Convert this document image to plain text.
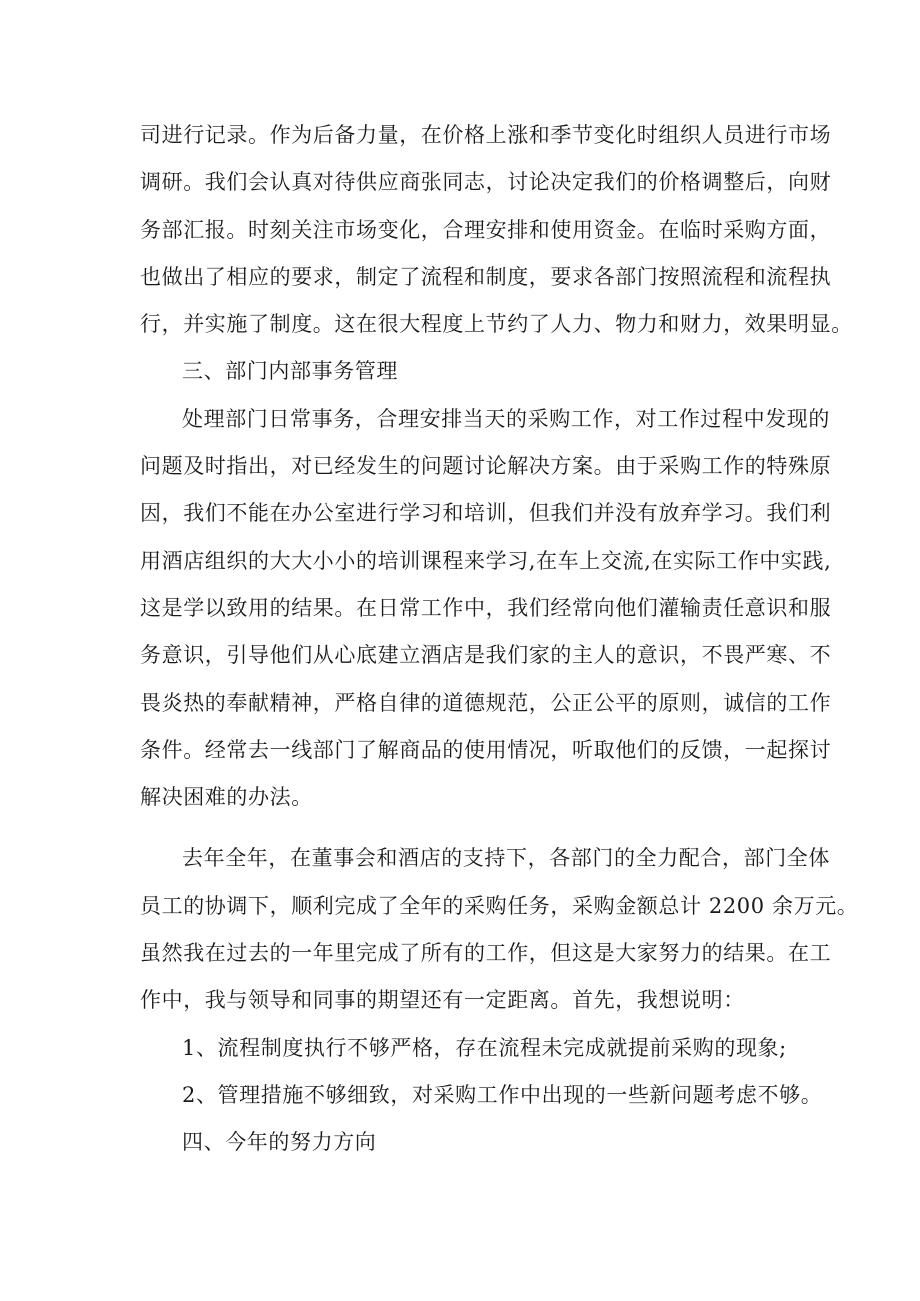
司进行记录。作为后备力量，在价格上涨和季节变化时组织人员进行市场
调研。我们会认真对待供应商张同志，讨论决定我们的价格调整后，向财
务部汇报。时刻关注市场变化，合理安排和使用资金。在临时采购方面，
也做出了相应的要求，制定了流程和制度，要求各部门按照流程和流程执
行，并实施了制度。这在很大程度上节约了人力、物力和财力，效果明显。
三、部门内部事务管理
处理部门日常事务，合理安排当天的采购工作，对工作过程中发现的
问题及时指出，对已经发生的问题讨论解决方案。由于采购工作的特殊原
因，我们不能在办公室进行学习和培训，但我们并没有放弃学习。我们利
用酒店组织的大大小小的培训课程来学习,在车上交流,在实际工作中实践,
这是学以致用的结果。在日常工作中，我们经常向他们灌输责任意识和服
务意识，引导他们从心底建立酒店是我们家的主人的意识，不畏严寒、不
畏炎热的奉献精神，严格自律的道德规范，公正公平的原则，诚信的工作
条件。经常去一线部门了解商品的使用情况，听取他们的反馈，一起探讨
解决困难的办法。
去年全年，在董事会和酒店的支持下，各部门的全力配合，部门全体
员工的协调下，顺利完成了全年的采购任务，采购金额总计 2200 余万元。
虽然我在过去的一年里完成了所有的工作，但这是大家努力的结果。在工
作中，我与领导和同事的期望还有一定距离。首先，我想说明：
1、流程制度执行不够严格，存在流程未完成就提前采购的现象;
2、管理措施不够细致，对采购工作中出现的一些新问题考虑不够。
四、今年的努力方向
